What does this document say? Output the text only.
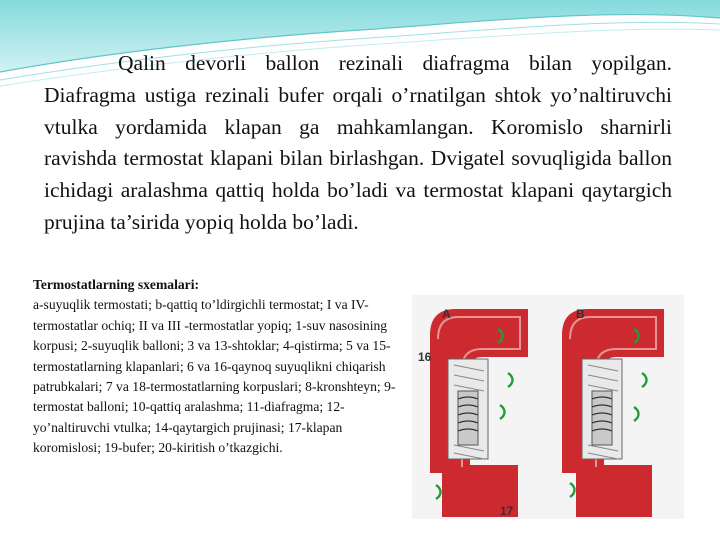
Qalin devorli ballon rezinali diafragma bilan yopilgan. Diafragma ustiga rezinali bufer orqali o’rnatilgan shtok yo’naltiruvchi vtulka yordamida klapan ga mahkamlangan. Koromislo sharnirli ravishda termostat klapani bilan birlashgan. Dvigatel sovuqligida ballon ichidagi aralashma qattiq holda bo’ladi va termostat klapani qaytargich prujina ta’sirida yopiq holda bo’ladi.

Termostatlarning sxemalari:
a-suyuqlik termostati; b-qattiq to’ldirgichli termostat; I va IV-termostatlar ochiq; II va III -termostatlar yopiq; 1-suv nasosining korpusi; 2-suyuqlik balloni; 3 va 13-shtoklar; 4-qistirma; 5 va 15-termostatlarning klapanlari; 6 va 16-qaynoq suyuqlikni chiqarish patrubkalari; 7 va 18-termostatlarning korpuslari; 8-kronshteyn; 9-termostat balloni; 10-qattiq aralashma; 11-diafragma; 12-yo’naltiruvchi vtulka; 14-qaytargich prujinasi; 17-klapan koromislosi; 19-bufer; 20-kiritish o’tkazgichi.
A
16
17
B
